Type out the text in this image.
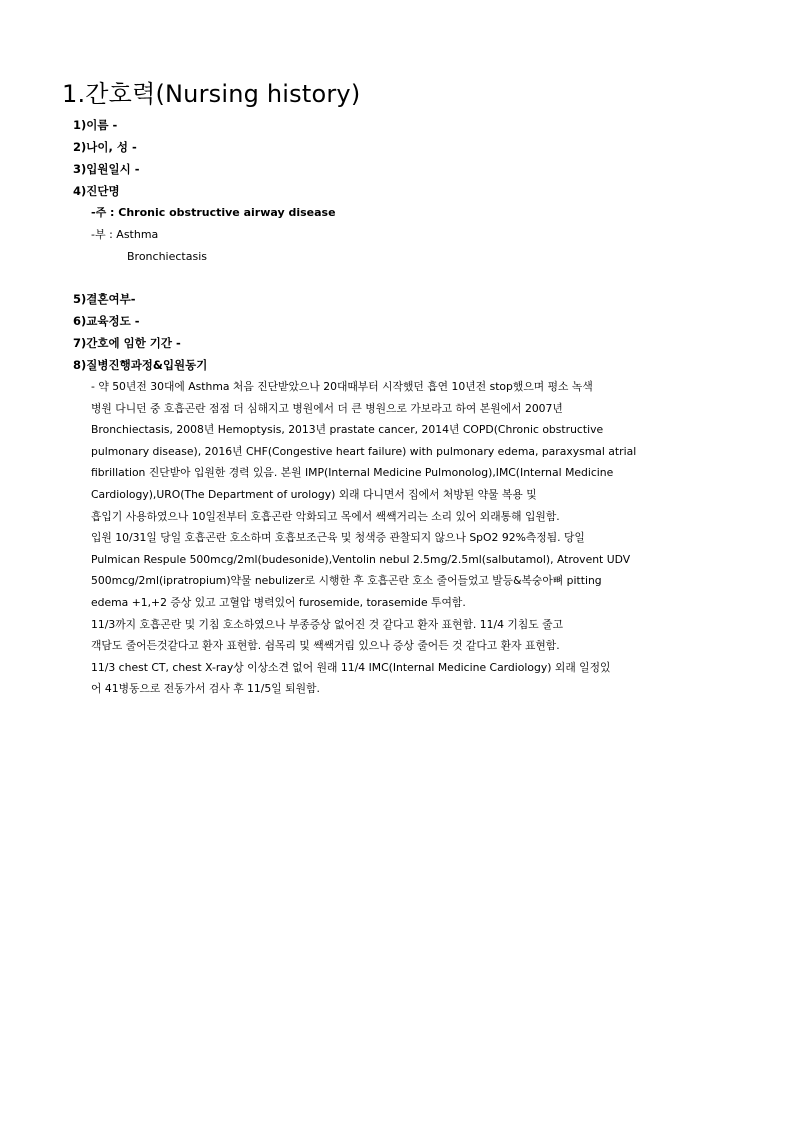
1.간호력(Nursing history)
1)이름 -
2)나이, 성 -
3)입원일시 -
4)진단명
-주 : Chronic obstructive airway disease
-부 : Asthma
Bronchiectasis
5)결혼여부-
6)교육정도 -
7)간호에 임한 기간 -
8)질병진행과정&입원동기
- 약 50년전 30대에 Asthma 처음 진단받았으나 20대때부터 시작했던 흡연 10년전 stop했으며 평소 녹색
병원 다니던 중 호흡곤란 점점 더 심해지고 병원에서 더 큰 병원으로 가보라고 하여 본원에서 2007년
Bronchiectasis, 2008년 Hemoptysis, 2013년 prastate cancer, 2014년 COPD(Chronic obstructive
pulmonary disease), 2016년 CHF(Congestive heart failure) with pulmonary edema, paraxysmal atrial
fibrillation 진단받아 입원한 경력 있음. 본원 IMP(Internal Medicine Pulmonolog),IMC(Internal Medicine
Cardiology),URO(The Department of urology) 외래 다니면서 집에서 처방된 약물 복용 및
흡입기 사용하였으나 10일전부터 호흡곤란 악화되고 목에서 쌕쌕거리는 소리 있어 외래통해 입원함.
입원 10/31일 당일 호흡곤란 호소하며 호흡보조근육 및 청색증 관찰되지 않으나 SpO2 92%측정됨. 당일
Pulmican Respule 500mcg/2ml(budesonide),Ventolin nebul 2.5mg/2.5ml(salbutamol), Atrovent UDV
500mcg/2ml(ipratropium)약물 nebulizer로 시행한 후 호흡곤란 호소 줄어들었고 발등&복숭아뼈 pitting
edema +1,+2 증상 있고 고혈압 병력있어 furosemide, torasemide 투여함.
11/3까지 호흡곤란 및 기침 호소하였으나 부종증상 없어진 것 같다고 환자 표현함. 11/4 기침도 줄고
객담도 줄어든것같다고 환자 표현함. 쉼목리 및 쌕쌕거림 있으나 증상 줄어든 것 같다고 환자 표현함.
11/3 chest CT, chest X-ray상 이상소견 없어 원래 11/4 IMC(Internal Medicine Cardiology) 외래 일정있
어 41병동으로 전동가서 검사 후 11/5일 퇴원함.
